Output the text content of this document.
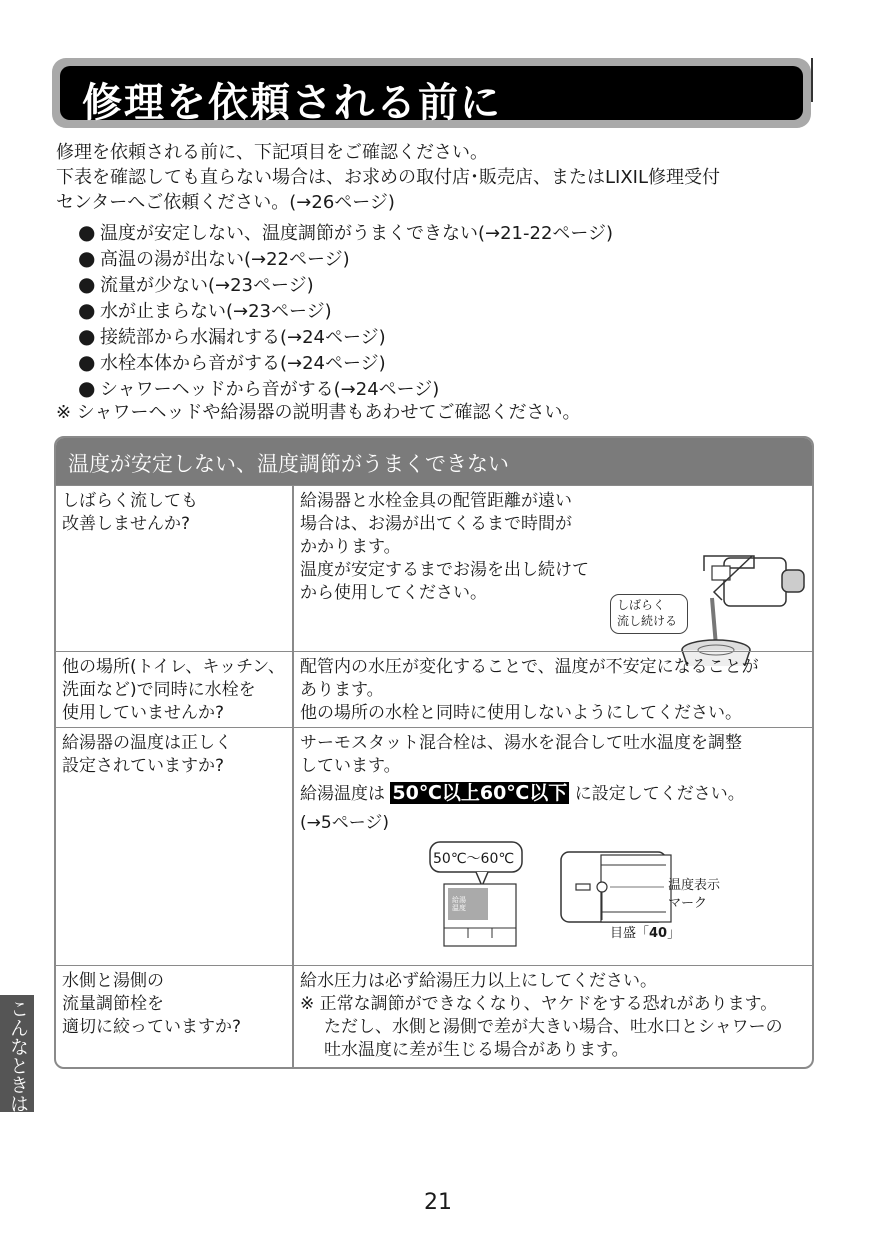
修理を依頼される前に

修理を依頼される前に、下記項目をご確認ください。

下表を確認しても直らない場合は、お求めの取付店･販売店、またはLIXIL修理受付

センターへご依頼ください。(→26ページ)

● 温度が安定しない、温度調節がうまくできない(→21-22ページ)
● 高温の湯が出ない(→22ページ)
● 流量が少ない(→23ページ)
● 水が止まらない(→23ページ)
● 接続部から水漏れする(→24ページ)
● 水栓本体から音がする(→24ページ)
● シャワーヘッドから音がする(→24ページ)
※ シャワーヘッドや給湯器の説明書もあわせてご確認ください。
温度が安定しない、温度調節がうまくできない

しばらく流しても

改善しませんか?

給湯器と水栓金具の配管距離が遠い

場合は、お湯が出てくるまで時間が

かかります。

温度が安定するまでお湯を出し続けて

から使用してください。

しばらく
流し続ける

他の場所(トイレ、キッチン、

洗面など)で同時に水栓を

使用していませんか?

配管内の水圧が変化することで、温度が不安定になることが

あります。

他の場所の水栓と同時に使用しないようにしてください。

給湯器の温度は正しく

設定されていますか?

サーモスタット混合栓は、湯水を混合して吐水温度を調整

しています。

給湯温度は 50℃以上60℃以下 に設定してください。

(→5ページ)

50℃～60℃
給湯 温度
温度表示
マーク
目盛「40」

水側と湯側の

流量調節栓を

適切に絞っていますか?

給水圧力は必ず給湯圧力以上にしてください。

※ 正常な調節ができなくなり、ヤケドをする恐れがあります。

ただし、水側と湯側で差が大きい場合、吐水口とシャワーの

吐水温度に差が生じる場合があります。

こんなときは
21
